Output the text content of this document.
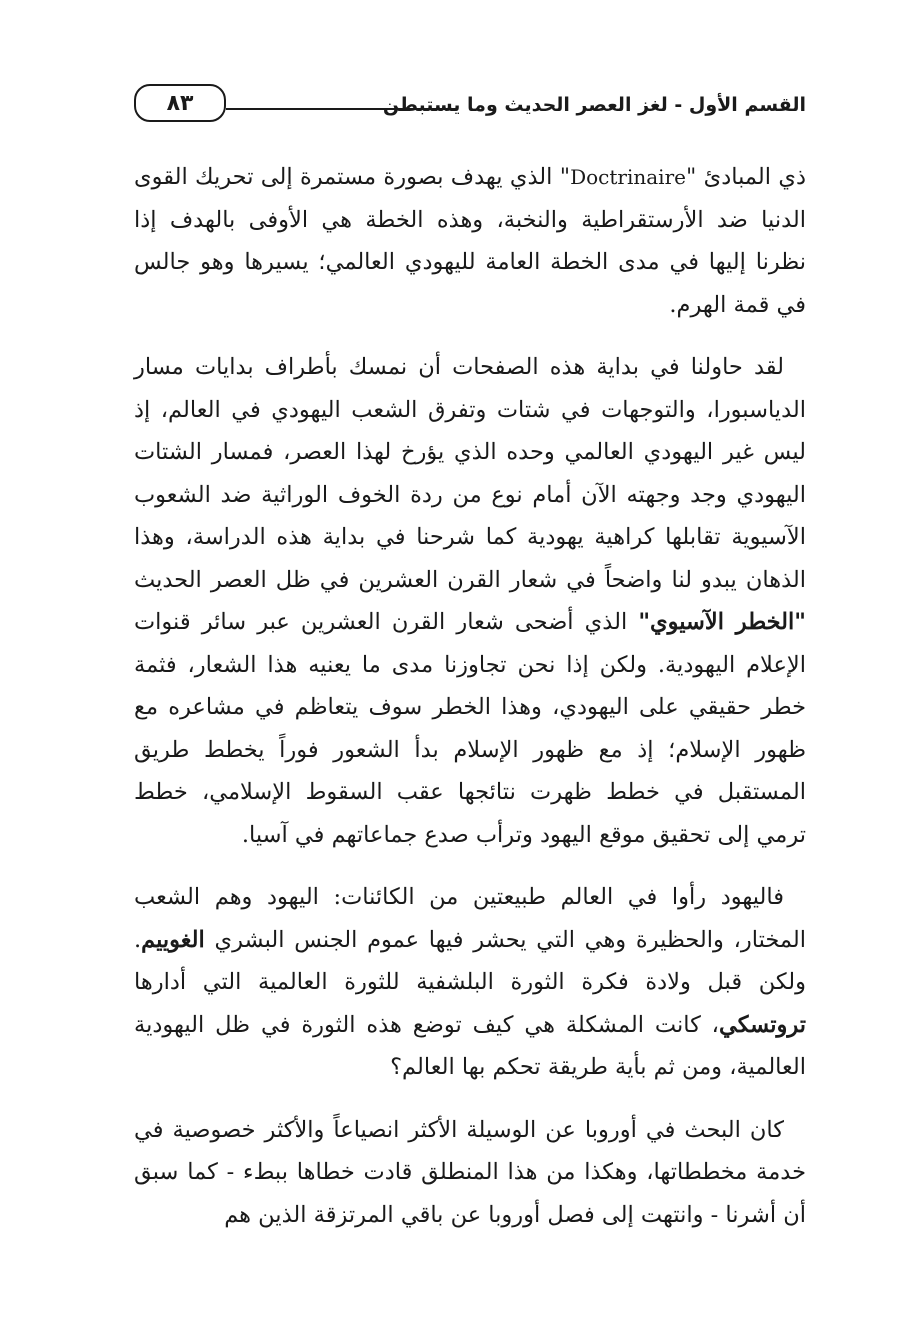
القسم الأول - لغز العصر الحديث وما يستبطن
٨٣

ذي المبادئ "Doctrinaire" الذي يهدف بصورة مستمرة إلى تحريك القوى الدنيا ضد الأرستقراطية والنخبة، وهذه الخطة هي الأوفى بالهدف إذا نظرنا إليها في مدى الخطة العامة لليهودي العالمي؛ يسيرها وهو جالس في قمة الهرم.

لقد حاولنا في بداية هذه الصفحات أن نمسك بأطراف بدايات مسار الدياسبورا، والتوجهات في شتات وتفرق الشعب اليهودي في العالم، إذ ليس غير اليهودي العالمي وحده الذي يؤرخ لهذا العصر، فمسار الشتات اليهودي وجد وجهته الآن أمام نوع من ردة الخوف الوراثية ضد الشعوب الآسيوية تقابلها كراهية يهودية كما شرحنا في بداية هذه الدراسة، وهذا الذهان يبدو لنا واضحاً في شعار القرن العشرين في ظل العصر الحديث "الخطر الآسيوي" الذي أضحى شعار القرن العشرين عبر سائر قنوات الإعلام اليهودية. ولكن إذا نحن تجاوزنا مدى ما يعنيه هذا الشعار، فثمة خطر حقيقي على اليهودي، وهذا الخطر سوف يتعاظم في مشاعره مع ظهور الإسلام؛ إذ مع ظهور الإسلام بدأ الشعور فوراً يخطط طريق المستقبل في خطط ظهرت نتائجها عقب السقوط الإسلامي، خطط ترمي إلى تحقيق موقع اليهود وترأب صدع جماعاتهم في آسيا.

فاليهود رأوا في العالم طبيعتين من الكائنات: اليهود وهم الشعب المختار، والحظيرة وهي التي يحشر فيها عموم الجنس البشري الغوييم. ولكن قبل ولادة فكرة الثورة البلشفية للثورة العالمية التي أدارها تروتسكي، كانت المشكلة هي كيف توضع هذه الثورة في ظل اليهودية العالمية، ومن ثم بأية طريقة تحكم بها العالم؟

كان البحث في أوروبا عن الوسيلة الأكثر انصياعاً والأكثر خصوصية في خدمة مخططاتها، وهكذا من هذا المنطلق قادت خطاها ببطء - كما سبق أن أشرنا - وانتهت إلى فصل أوروبا عن باقي المرتزقة الذين هم
